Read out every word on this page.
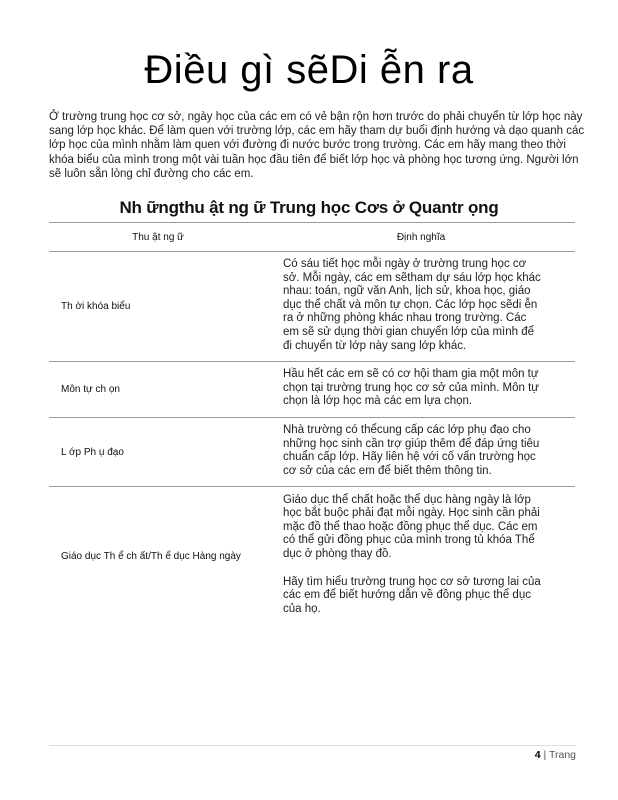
Điều gì sẽDi ễn ra
Ở trường trung học cơ sở, ngày học của các em có vẻ bận rộn hơn trước do phải chuyển từ lớp học này sang lớp học khác. Để làm quen với trường lớp, các em hãy tham dự buổi định hướng và dạo quanh các lớp học của mình nhằm làm quen với đường đi nước bước trong trường. Các em hãy mang theo thời khóa biểu của mình trong một vài tuần học đầu tiên để biết lớp học và phòng học tương ứng. Người lớn sẽ luôn sẵn lòng chỉ đường cho các em.
Nh ữngthu ật ng ữ Trung học Cơs ở Quantr ọng
Thu ật ng ữ	Định nghĩa
Th ời khóa biểu	Có sáu tiết học mỗi ngày ở trường trung học cơ sở. Mỗi ngày, các em sẽtham dự sáu lớp học khác nhau: toán, ngữ văn Anh, lịch sử, khoa học, giáo dục thể chất và môn tự chọn. Các lớp học sẽdi ễn ra ở những phòng khác nhau trong trường. Các em sẽ sử dụng thời gian chuyển lớp của mình để đi chuyển từ lớp này sang lớp khác.

Môn tự ch ọn	Hầu hết các em sẽ có cơ hội tham gia một môn tự chọn tại trường trung học cơ sở của mình. Môn tự chọn là lớp học mà các em lựa chọn.

L ớp Ph ụ đạo	Nhà trường có thểcung cấp các lớp phụ đạo cho những học sinh cần trợ giúp thêm để đáp ứng tiêu chuẩn cấp lớp. Hãy liên hệ với cố vấn trường học cơ sở của các em để biết thêm thông tin.

Giáo dục Th ể ch ất/Th ể dục Hàng ngày	Giáo dục thể chất hoặc thể dục hàng ngày là lớp học bắt buộc phải đạt mỗi ngày. Học sinh cần phải mặc đồ thể thao hoặc đồng phục thể dục. Các em có thể gửi đồng phục của mình trong tủ khóa Thể dục ở phòng thay đồ.

Hãy tìm hiểu trường trung học cơ sở tương lai của các em để biết hướng dẫn về đồng phục thể dục của họ.

4 | Trang
